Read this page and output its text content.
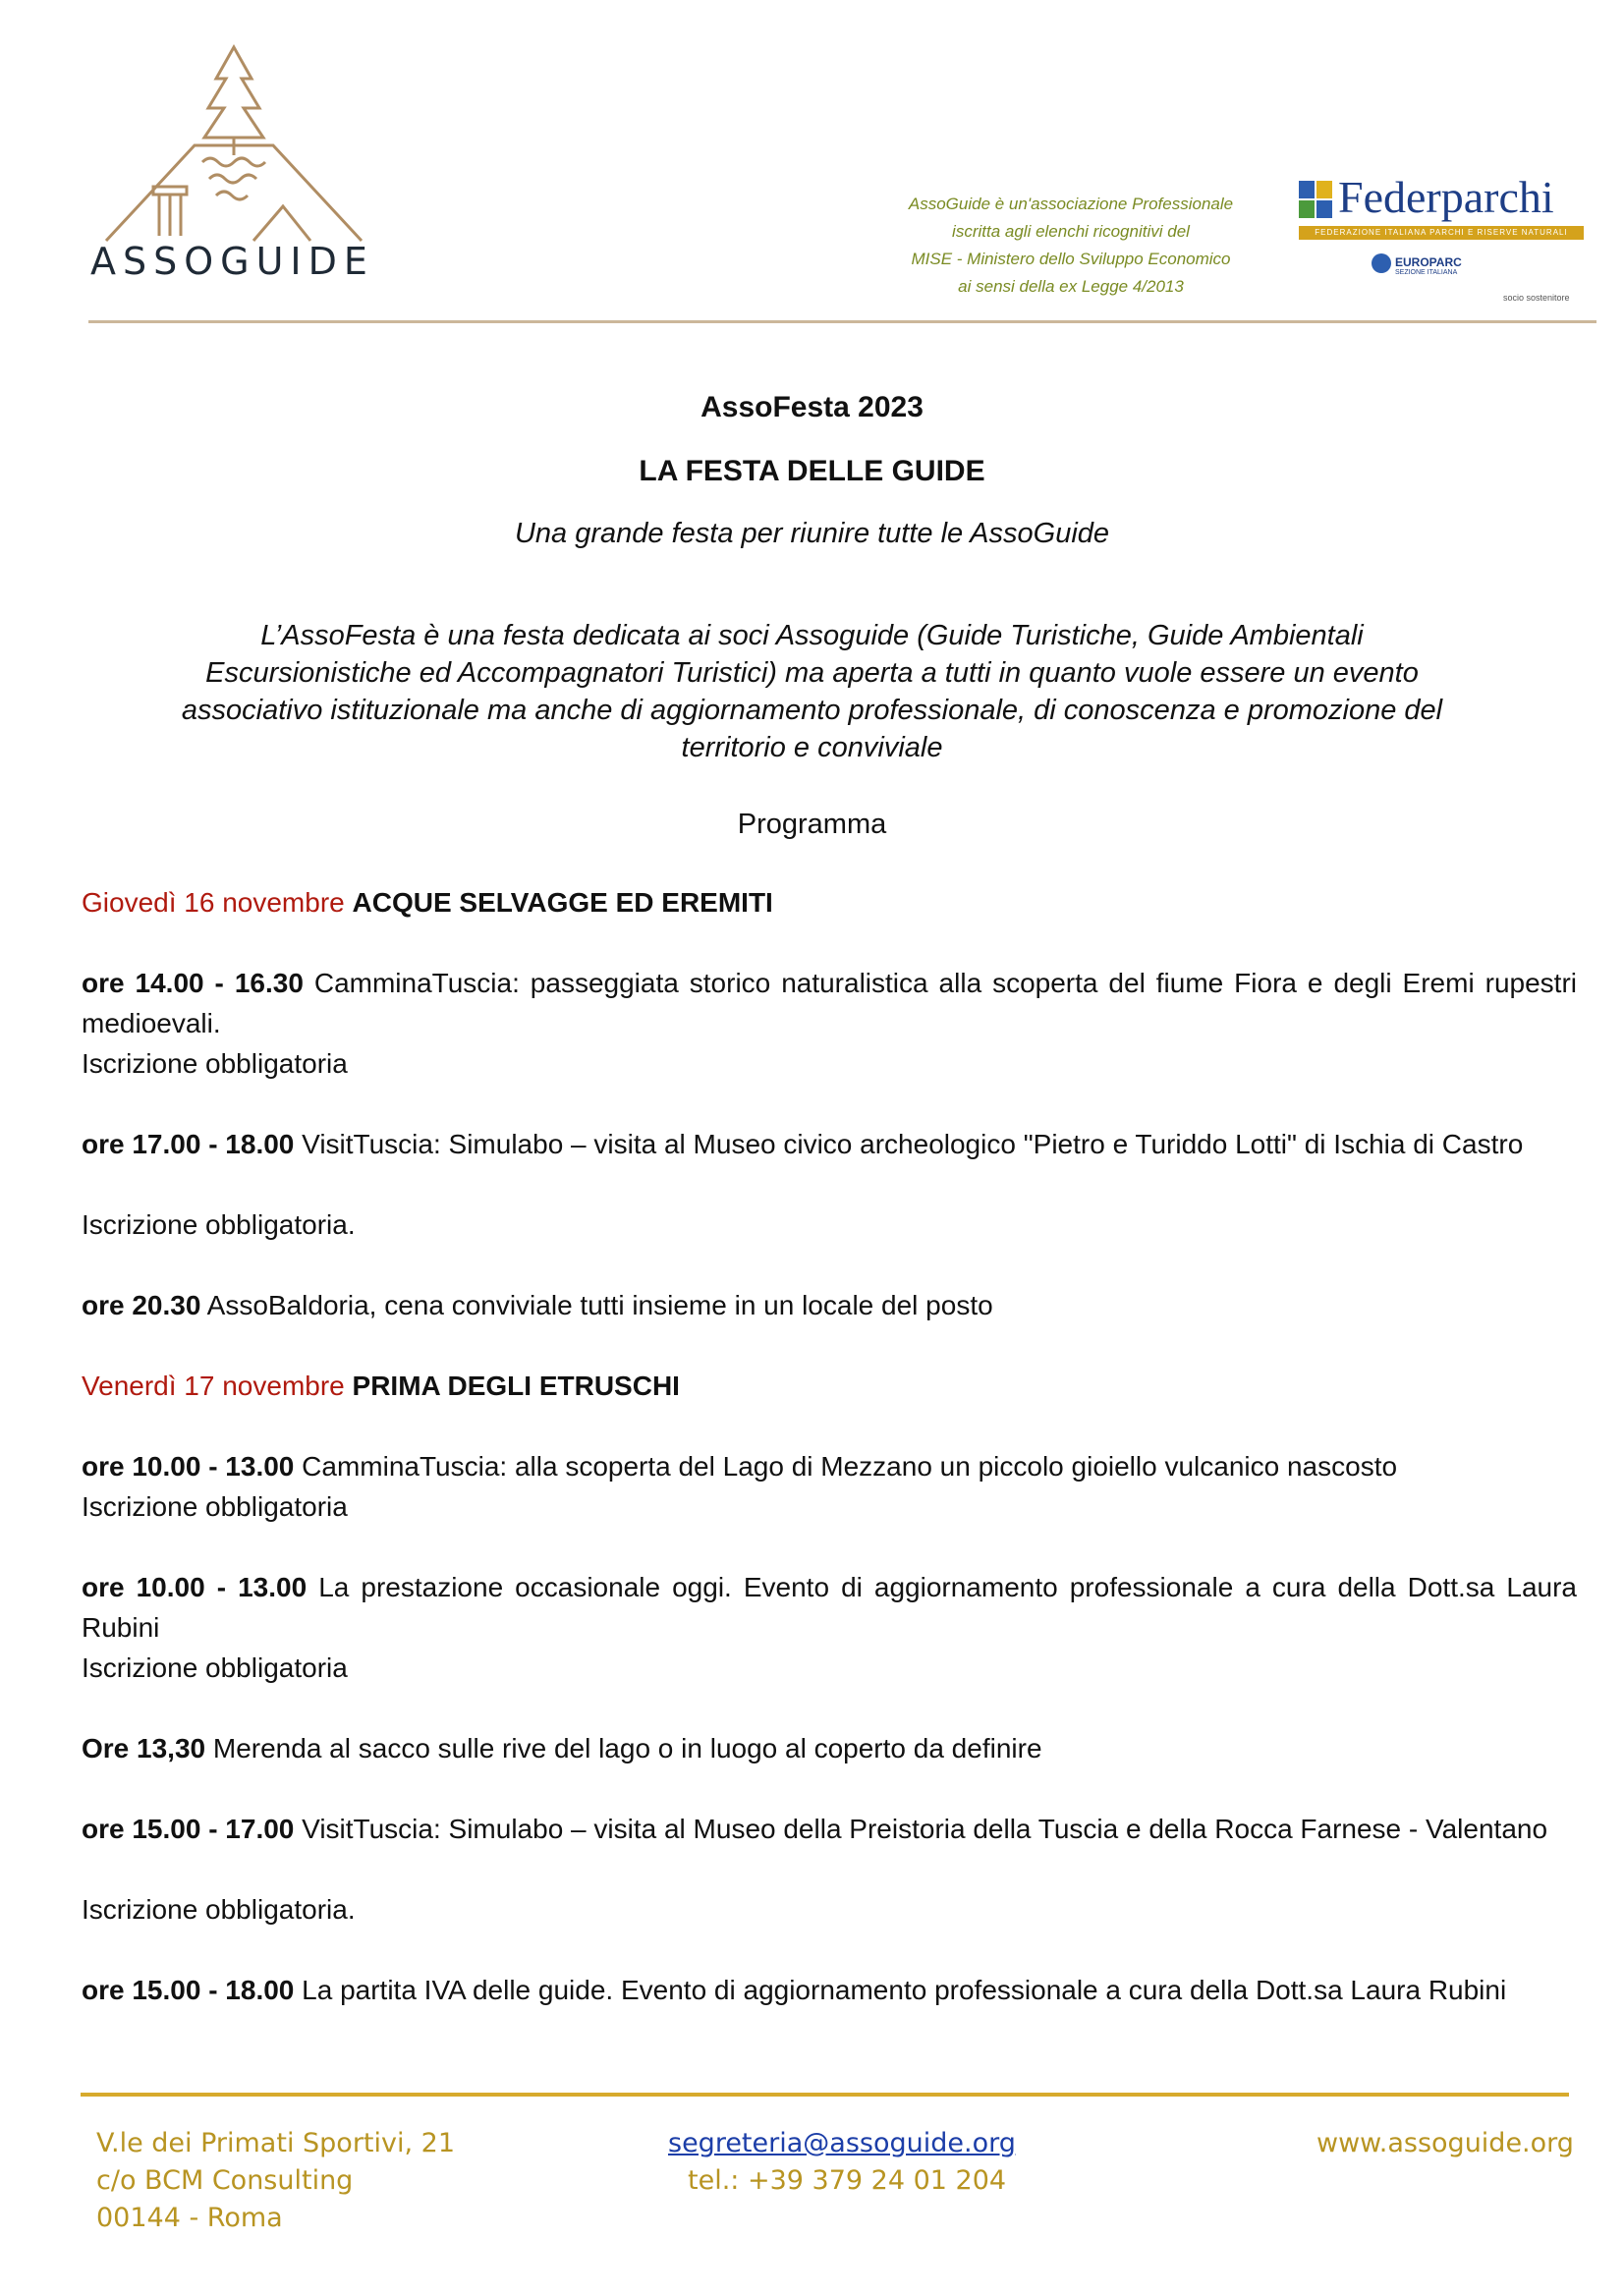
ASSOGUIDE
AssoGuide è un'associazione Professionale
iscritta agli elenchi ricognitivi del
MISE - Ministero dello Sviluppo Economico
ai sensi della ex Legge 4/2013
Federparchi
FEDERAZIONE ITALIANA PARCHI E RISERVE NATURALI
EUROPARC
SEZIONE ITALIANA
socio sostenitore
AssoFesta 2023
LA FESTA DELLE GUIDE
Una grande festa per riunire tutte le AssoGuide
L’AssoFesta è una festa dedicata ai soci Assoguide (Guide Turistiche, Guide Ambientali
Escursionistiche ed Accompagnatori Turistici) ma aperta a tutti in quanto vuole essere un evento
associativo istituzionale ma anche di aggiornamento professionale, di conoscenza e promozione del
territorio e conviviale
Programma
Giovedì 16 novembre ACQUE SELVAGGE ED EREMITI
ore 14.00 - 16.30 CamminaTuscia: passeggiata storico naturalistica alla scoperta del fiume Fiora e degli Eremi rupestri medioevali.
Iscrizione obbligatoria
ore 17.00 - 18.00 VisitTuscia: Simulabo – visita al Museo civico archeologico "Pietro e Turiddo Lotti" di Ischia di Castro
Iscrizione obbligatoria.
ore 20.30 AssoBaldoria, cena conviviale tutti insieme in un locale del posto
Venerdì 17 novembre PRIMA DEGLI ETRUSCHI
ore 10.00 - 13.00 CamminaTuscia: alla scoperta del Lago di Mezzano un piccolo gioiello vulcanico nascosto
Iscrizione obbligatoria
ore 10.00 - 13.00 La prestazione occasionale oggi. Evento di aggiornamento professionale a cura della Dott.sa Laura Rubini
Iscrizione obbligatoria
Ore 13,30 Merenda al sacco sulle rive del lago o in luogo al coperto da definire
ore 15.00 - 17.00 VisitTuscia: Simulabo – visita al Museo della Preistoria della Tuscia e della Rocca Farnese - Valentano
Iscrizione obbligatoria.
ore 15.00 - 18.00 La partita IVA delle guide. Evento di aggiornamento professionale a cura della Dott.sa Laura Rubini
V.le dei Primati Sportivi, 21
c/o BCM Consulting
00144 - Roma
segreteria@assoguide.org
tel.: +39 379 24 01 204
www.assoguide.org
